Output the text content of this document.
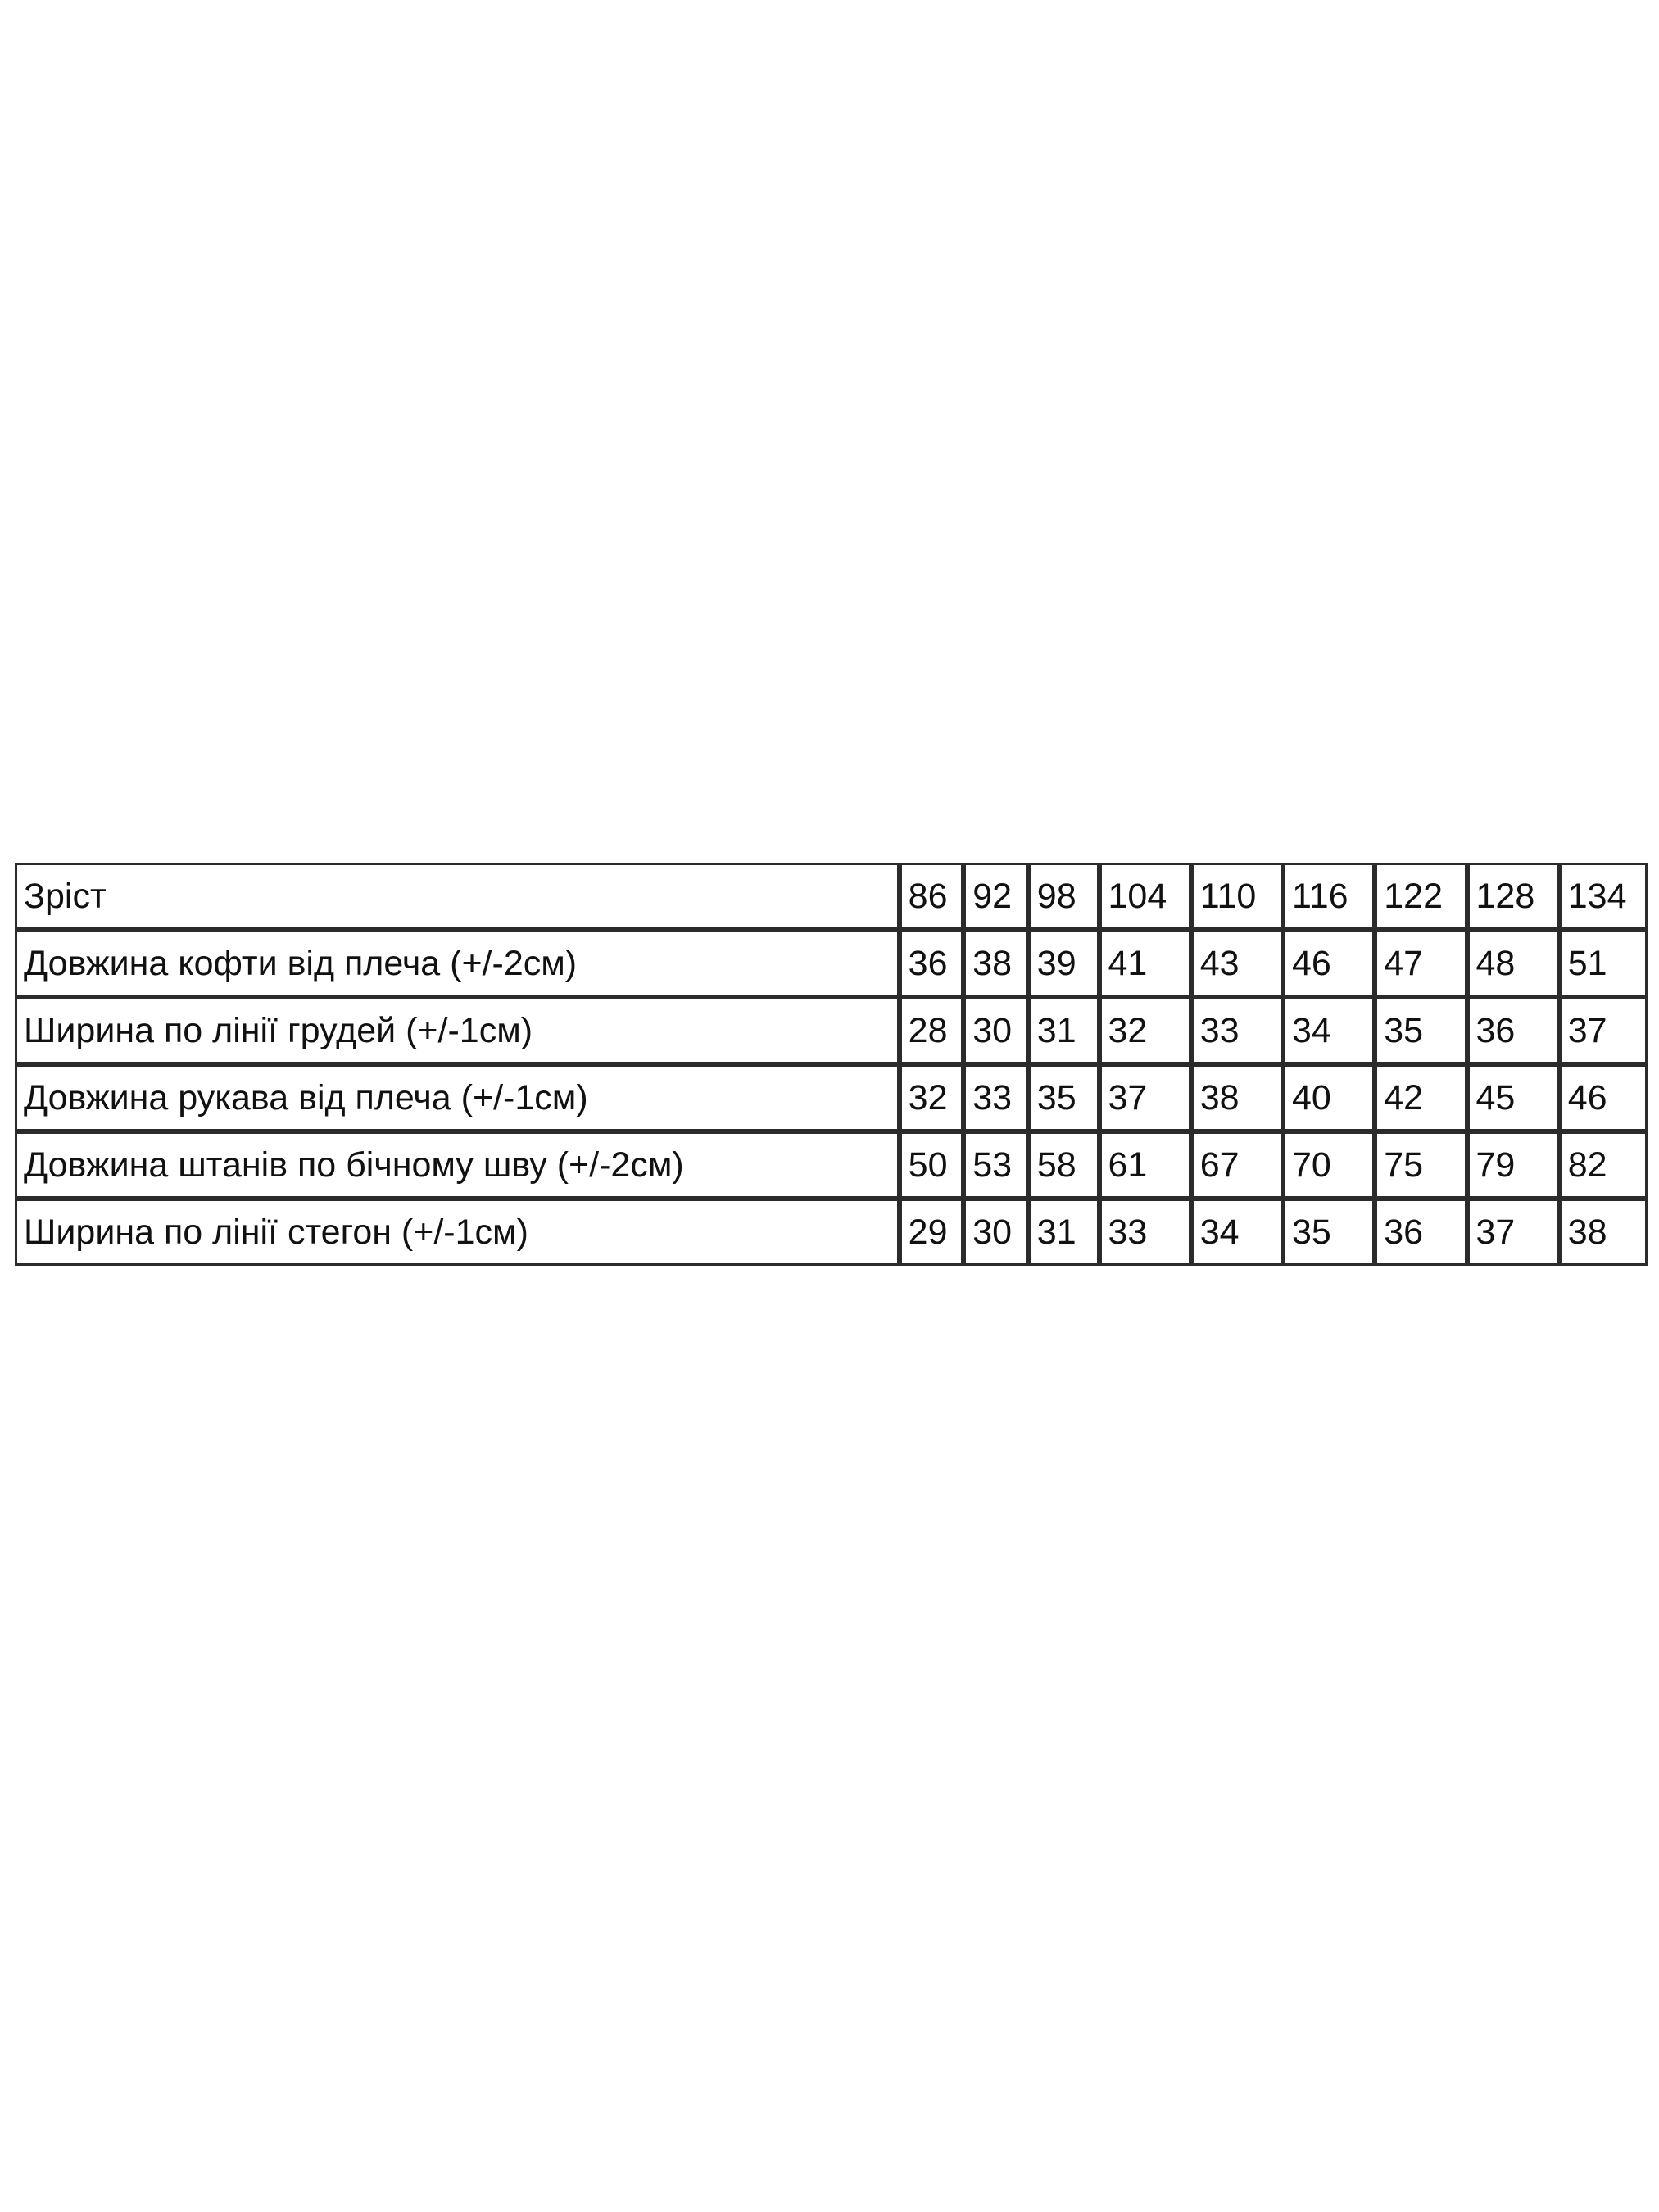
Зріст	86	92	98	104	110	116	122	128	134
Довжина кофти від плеча (+/-2см)	36	38	39	41	43	46	47	48	51
Ширина по лінії грудей (+/-1см)	28	30	31	32	33	34	35	36	37
Довжина рукава від плеча (+/-1см)	32	33	35	37	38	40	42	45	46
Довжина штанів по бічному шву (+/-2см)	50	53	58	61	67	70	75	79	82
Ширина по лінії стегон (+/-1см)	29	30	31	33	34	35	36	37	38
